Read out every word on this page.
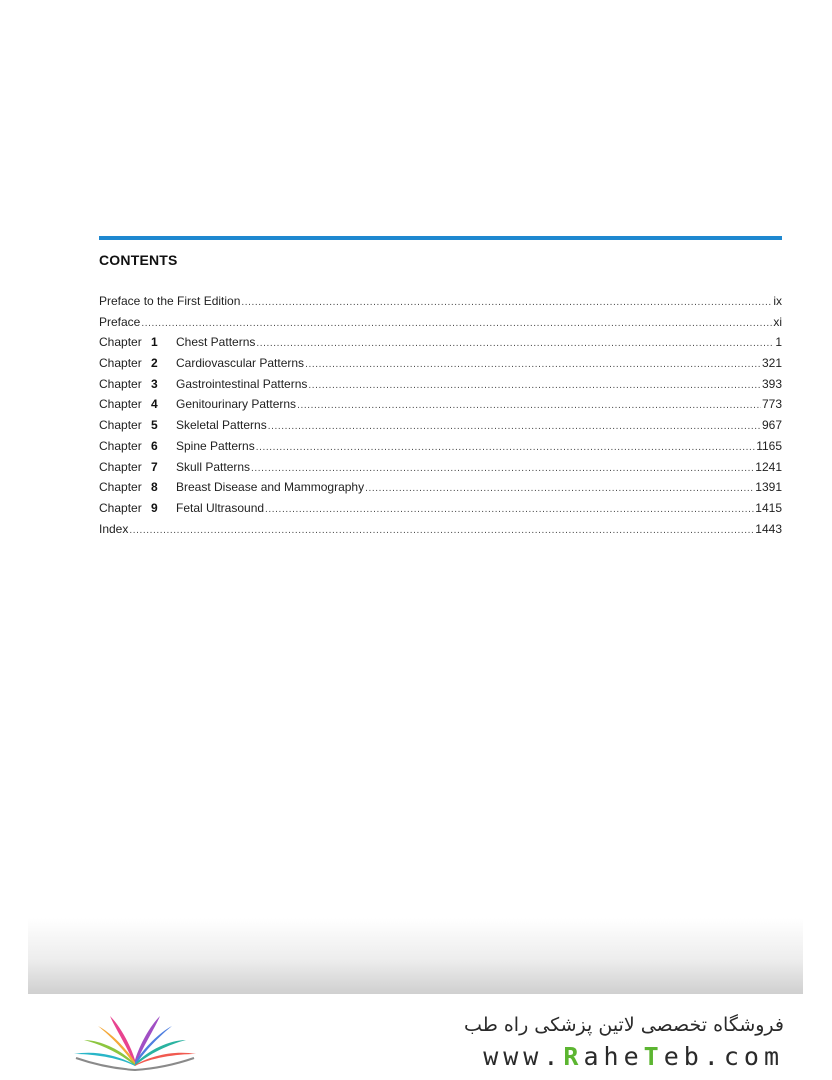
CONTENTS
Preface to the First Edition .....	ix
Preface .....	xi
Chapter 1	Chest Patterns .....	1
Chapter 2	Cardiovascular Patterns .....	321
Chapter 3	Gastrointestinal Patterns .....	393
Chapter 4	Genitourinary Patterns .....	773
Chapter 5	Skeletal Patterns .....	967
Chapter 6	Spine Patterns .....	1165
Chapter 7	Skull Patterns .....	1241
Chapter 8	Breast Disease and Mammography .....	1391
Chapter 9	Fetal Ultrasound .....	1415
Index .....	1443
فروشگاه تخصصی لاتین پزشکی راه طب
www.RaheTeb.com
